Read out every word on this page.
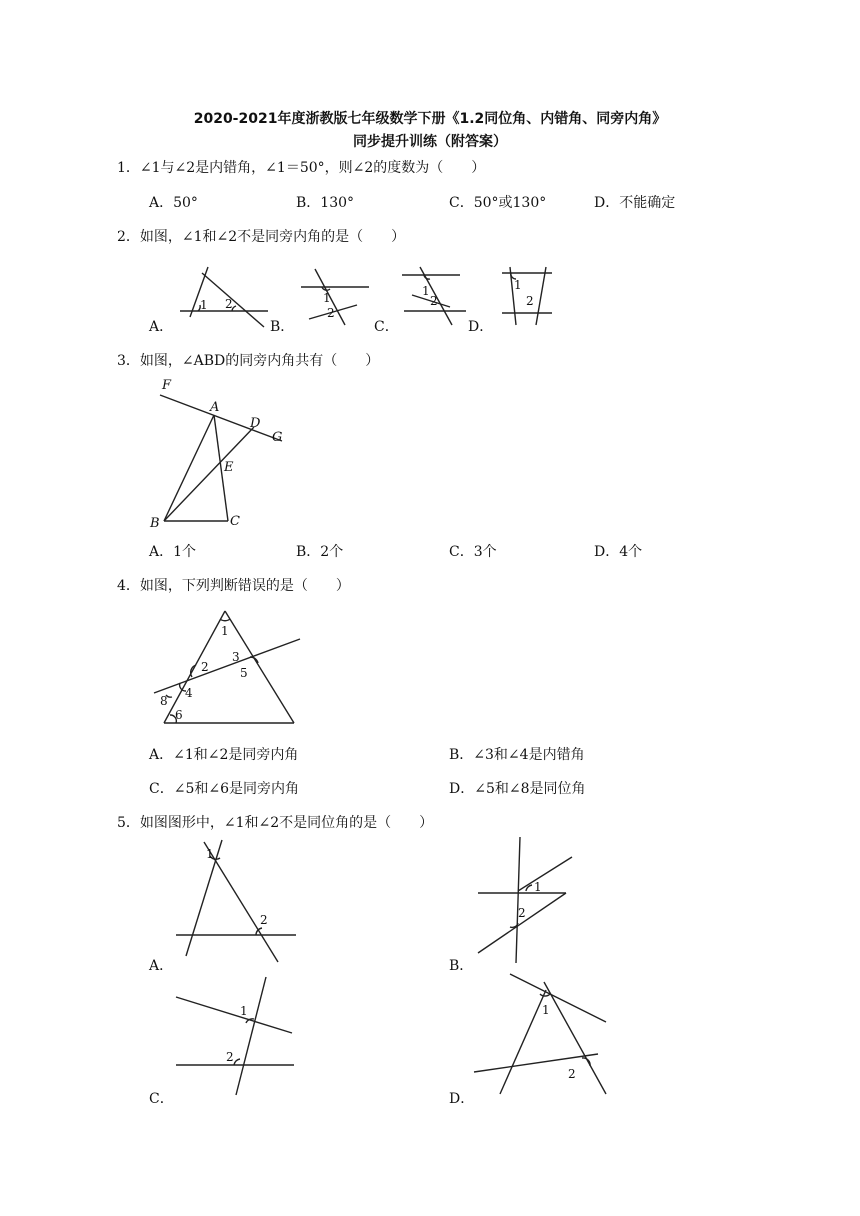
2020-2021年度浙教版七年级数学下册《1.2同位角、内错角、同旁内角》
同步提升训练（附答案）
1．∠1与∠2是内错角，∠1＝50°，则∠2的度数为（　　）
A．50°	B．130°	C．50°或130°	D．不能确定
2．如图，∠1和∠2不是同旁内角的是（　　）
A．	B．	C．	D．
1 2	1
2
1
2
1
2
3．如图，∠ABD的同旁内角共有（　　）
F
A
D
G
E
B	C
A．1个	B．2个	C．3个	D．4个
4．如图，下列判断错误的是（　　）
1
2
3
4
5
6
8
A．∠1和∠2是同旁内角	B．∠3和∠4是内错角
C．∠5和∠6是同旁内角	D．∠5和∠8是同位角
5．如图图形中，∠1和∠2不是同位角的是（　　）
1
2
A．
1
2
B．
1
2
C．
1
2
D．
